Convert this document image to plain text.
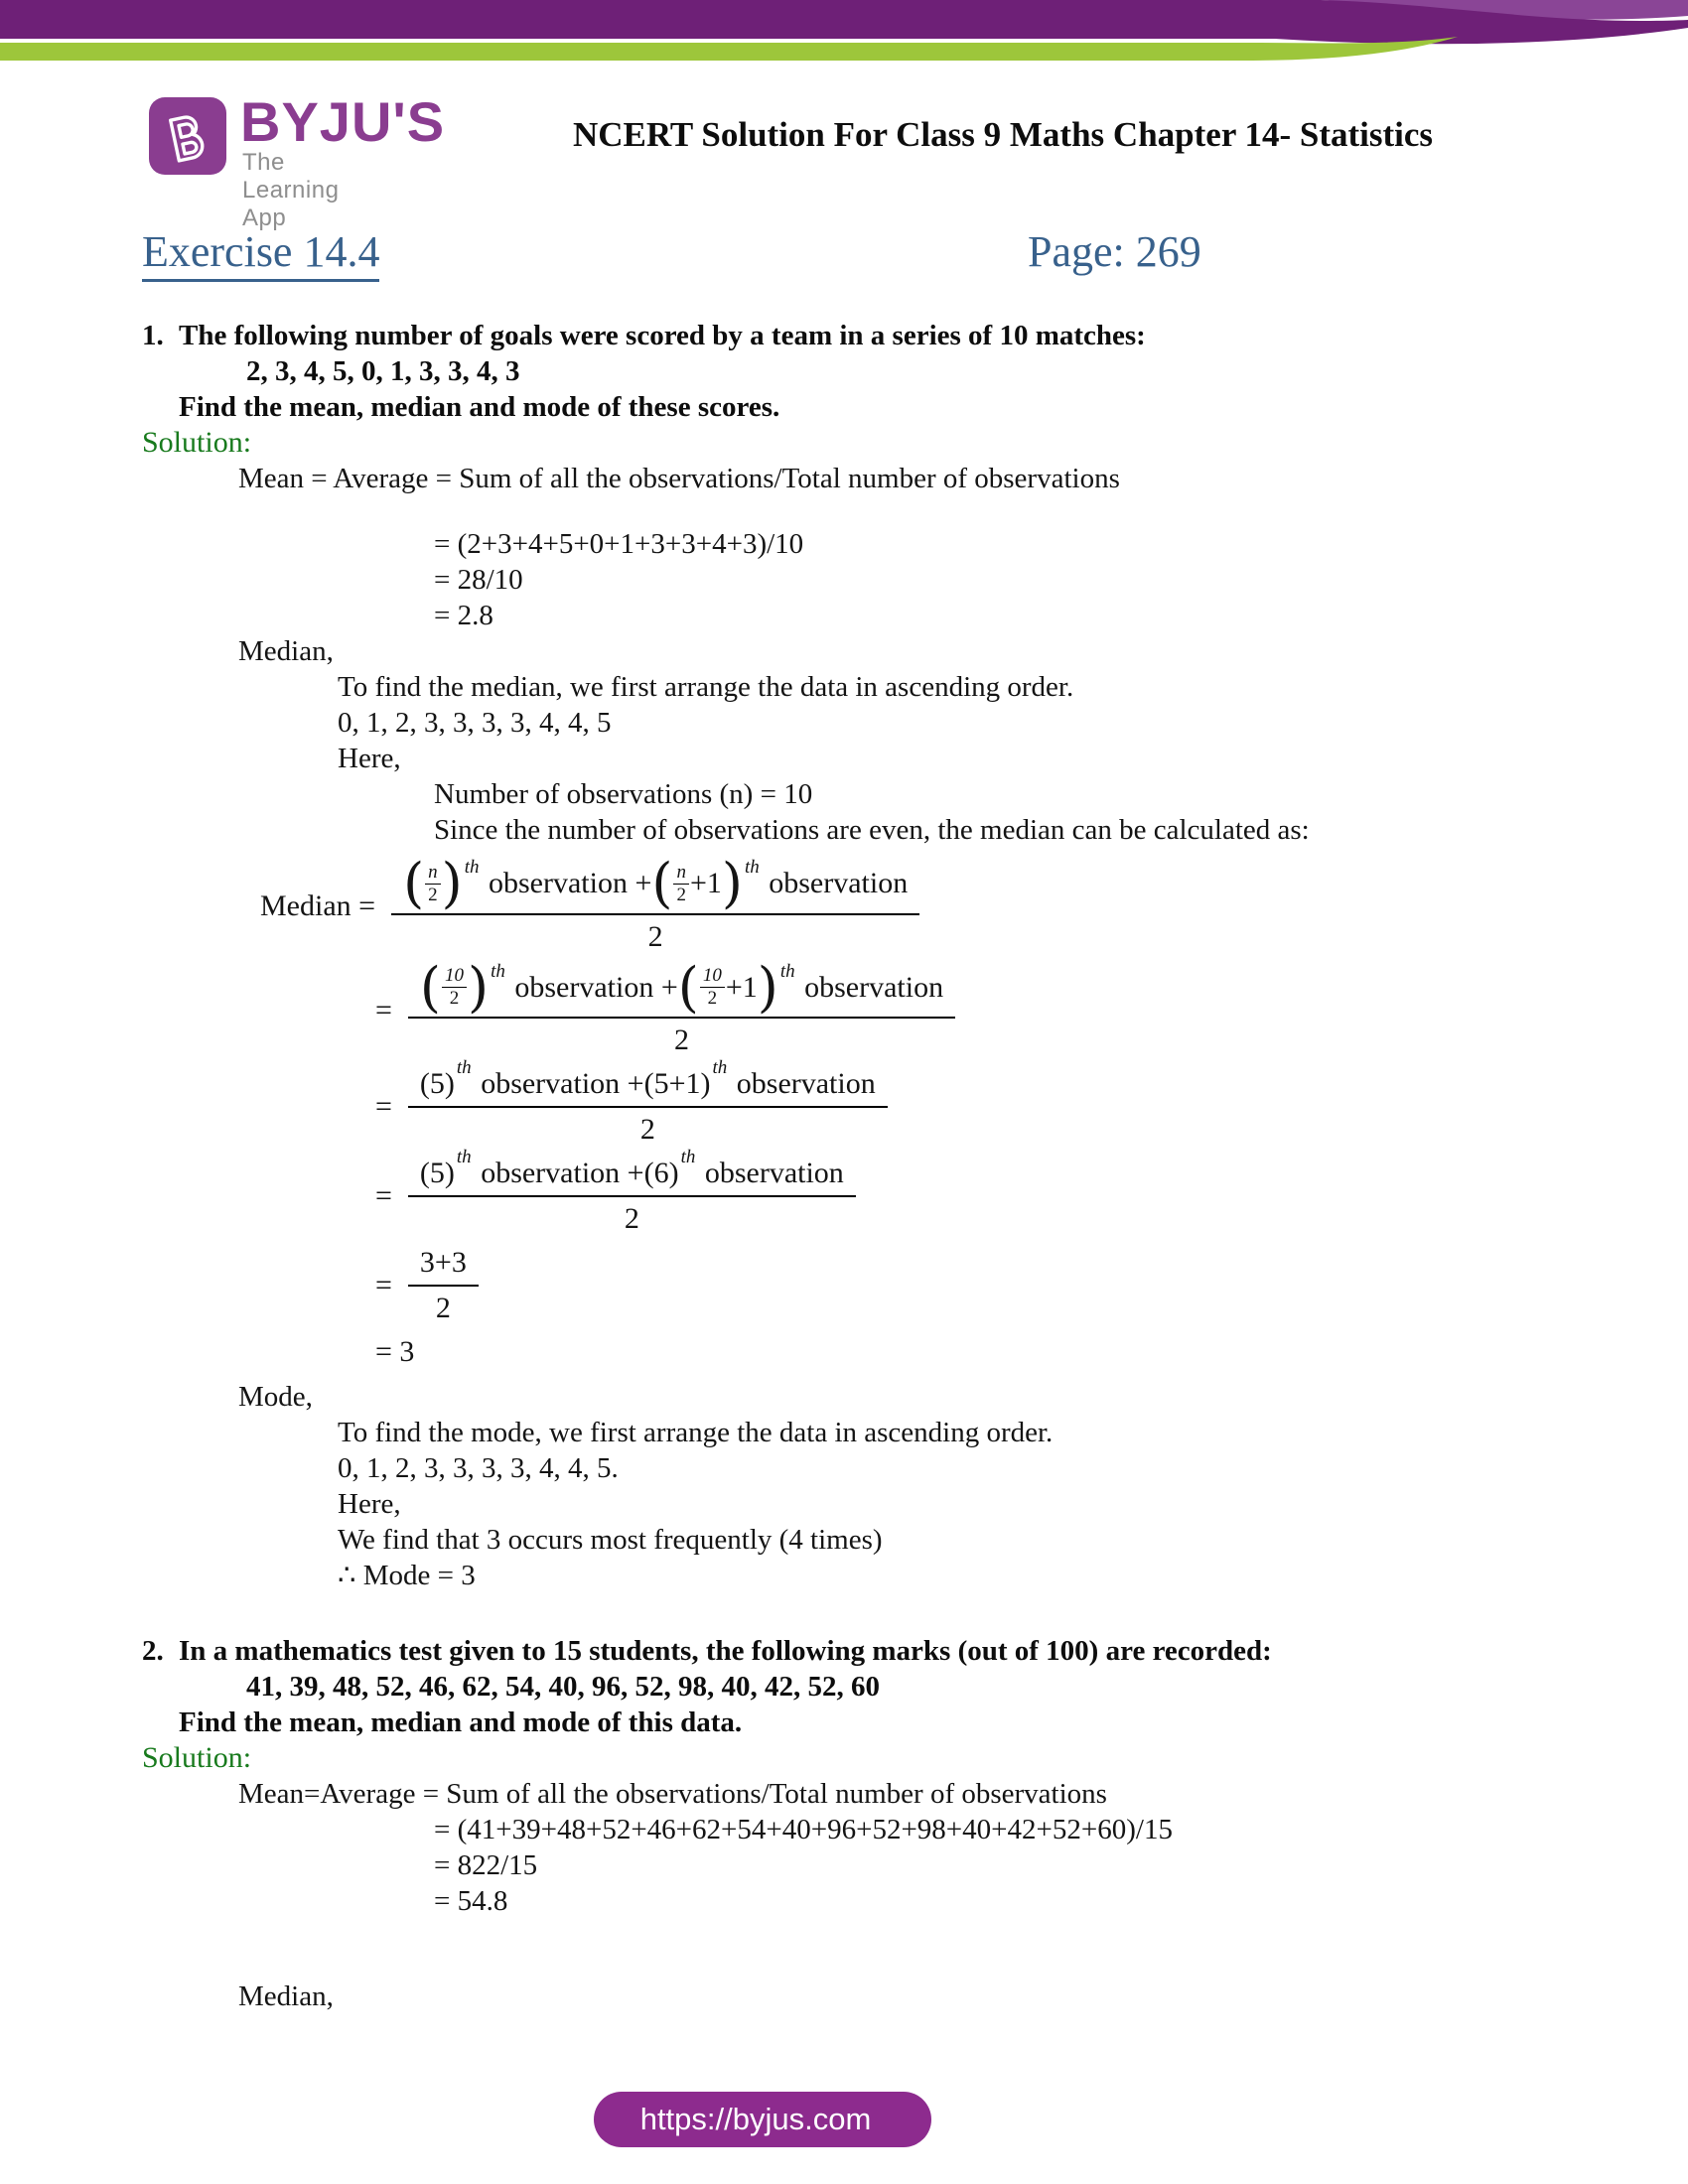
BYJU'S
The Learning App
NCERT Solution For Class 9 Maths Chapter 14- Statistics
Exercise 14.4	Page: 269

1. The following number of goals were scored by a team in a series of 10 matches:

2, 3, 4, 5, 0, 1, 3, 3, 4, 3

Find the mean, median and mode of these scores.

Solution:

Mean = Average = Sum of all the observations/Total number of observations

= (2+3+4+5+0+1+3+3+4+3)/10

= 28/10

= 2.8

Median,

To find the median, we first arrange the data in ascending order.

0, 1, 2, 3, 3, 3, 3, 4, 4, 5

Here,

Number of observations (n) = 10

Since the number of observations are even, the median can be calculated as:

Median = ( n
2 ) th observation + ( n
2 +1 ) th observation
2
= ( 10
2 ) th observation + ( 10
2 +1 ) th observation
2
=
(5) th observation +(5+1) th observation
2
=
(5) th observation +(6) th observation
2
= $\frac{3+3}{2}$
= 3

Mode,

To find the mode, we first arrange the data in ascending order.

0, 1, 2, 3, 3, 3, 3, 4, 4, 5.

Here,

We find that 3 occurs most frequently (4 times)

∴ Mode = 3

2. In a mathematics test given to 15 students, the following marks (out of 100) are recorded:

41, 39, 48, 52, 46, 62, 54, 40, 96, 52, 98, 40, 42, 52, 60

Find the mean, median and mode of this data.

Solution:

Mean=Average = Sum of all the observations/Total number of observations

= (41+39+48+52+46+62+54+40+96+52+98+40+42+52+60)/15

= 822/15

= 54.8

Median,

https://byjus.com
